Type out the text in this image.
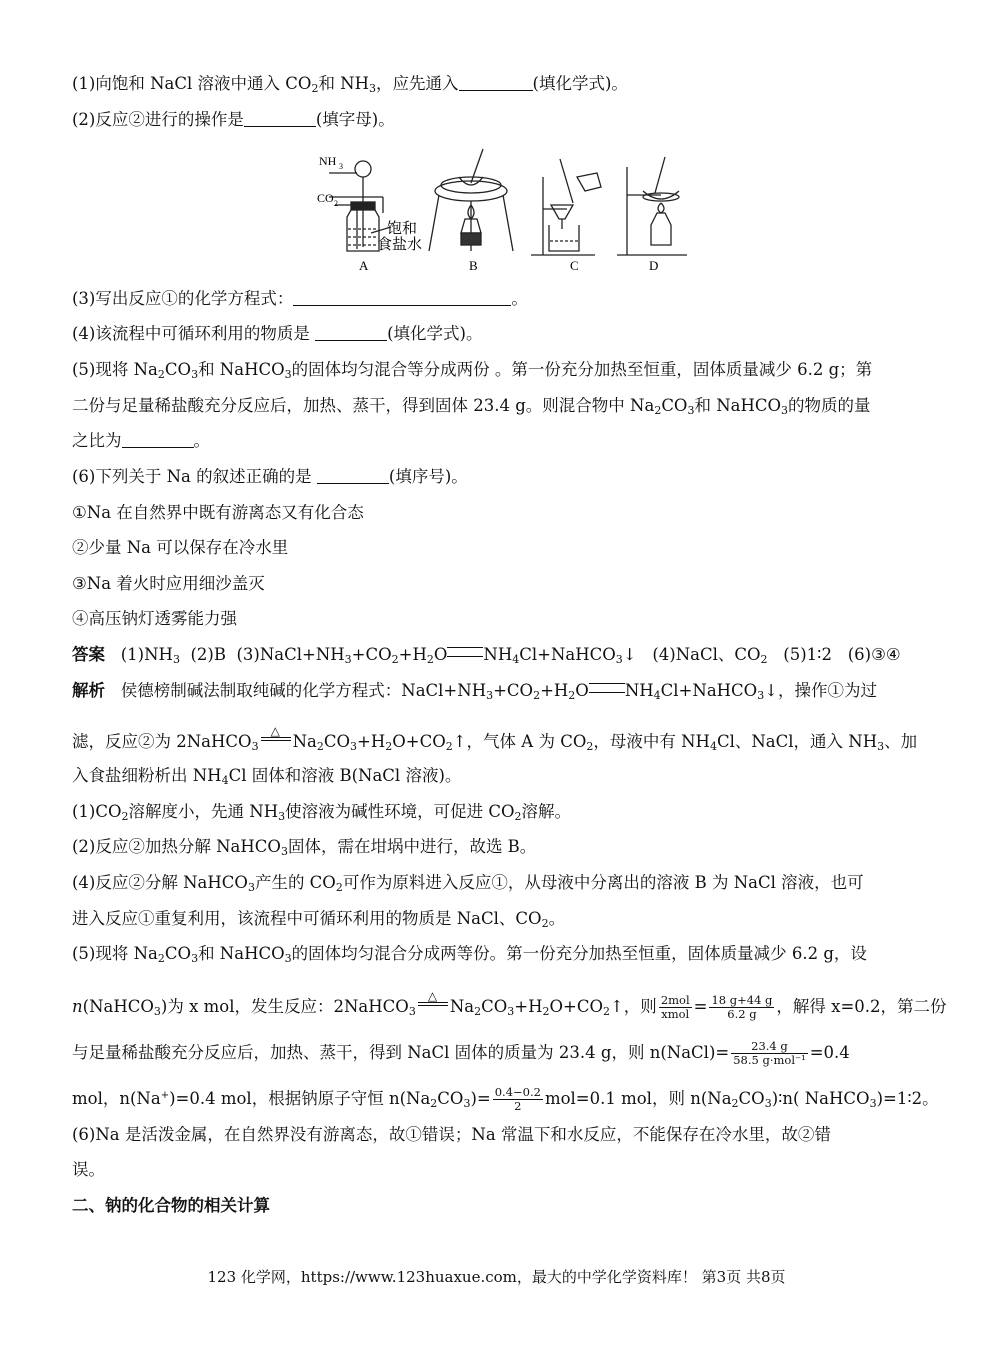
(1)向饱和 NaCl 溶液中通入 $CO_2$和 $NH_3$，应先通入	(填化学式)。
(2)反应②进行的操作是	(填字母)。
NH 3
CO 2
饱和
食盐水
A	B	C	D
(3)写出反应①的化学方程式：	。
(4)该流程中可循环利用的物质是	(填化学式)。
(5)现将 $Na_2CO_3$和 NaHCO$_3$的固体均匀混合等分成两份 。第一份充分加热至恒重，固体质量减少 6.2 g；第
二份与足量稀盐酸充分反应后，加热、蒸干，得到固体 23.4 g。则混合物中 $Na_2CO_3$和 NaHCO$_3$的物质的量
之比为	。
(6)下列关于 Na 的叙述正确的是	(填序号)。
①Na 在自然界中既有游离态又有化合态
②少量 Na 可以保存在冷水里
③Na 着火时应用细沙盖灭
④高压钠灯透雾能力强
答案 $(1)NH_3$ (2)B $(3)NaCl+NH_3+CO_2+H_2O$ $NH_4Cl+NaHCO_3↓$ (4)NaCl、$CO_2$ (5)1∶2 (6)③④
解析 侯德榜制碱法制取纯碱的化学方程式：$NaCl+NH_3+CO_2+H_2O$ $NH_4Cl+NaHCO_3↓$，操作①为过
滤，反应②为 2NaHCO$_3$
△
$Na_2CO_3+H_2O+CO_2↑$，气体 A 为 $CO_2$，母液中有 $NH_4Cl$、NaCl，通入 $NH_3$、加
入食盐细粉析出 $NH_4Cl$ 固体和溶液 B(NaCl 溶液)。
$(1)CO_2$溶解度小，先通 $NH_3$使溶液为碱性环境，可促进 $CO_2$溶解。
(2)反应②加热分解 NaHCO$_3$固体，需在坩埚中进行，故选 B。
(4)反应②分解 NaHCO$_3$产生的 $CO_2$可作为原料进入反应①，从母液中分离出的溶液 B 为 NaCl 溶液，也可
进入反应①重复利用，该流程中可循环利用的物质是 NaCl、$CO_2$。
(5)现将 $Na_2CO_3$和 NaHCO$_3$的固体均匀混合分成两等份。第一份充分加热至恒重，固体质量减少 6.2 g，设
n(NaHCO$_3$)为 x mol，发生反应：2NaHCO$_3$
△
$Na_2CO_3+H_2O+CO_2↑$，则 $\frac{\text{2mol}}{\text{xmol}} = \frac{18 g+44 g}{6.2 g}$ ，解得 x=0.2，第二份
与足量稀盐酸充分反应后，加热、蒸干，得到 NaCl 固体的质量为 23.4 g，则 n(NaCl)= $\frac{23.4 g}{\text{58.5 g·mol⁻¹}} =0.4$
mol，n(Na+)=0.4 mol，根据钠原子守恒 $n(Na_2CO_3)= \frac{0.4-0.2}{2} mol=0.1$ mol，则 $n(Na_2CO_3)∶n$( NaHCO$_3$)=1∶2。
(6)Na 是活泼金属，在自然界没有游离态，故①错误；Na 常温下和水反应，不能保存在冷水里，故②错
误。
二、钠的化合物的相关计算
123 化学网，https://www.123huaxue.com，最大的中学化学资料库！ 第3页 共8页
